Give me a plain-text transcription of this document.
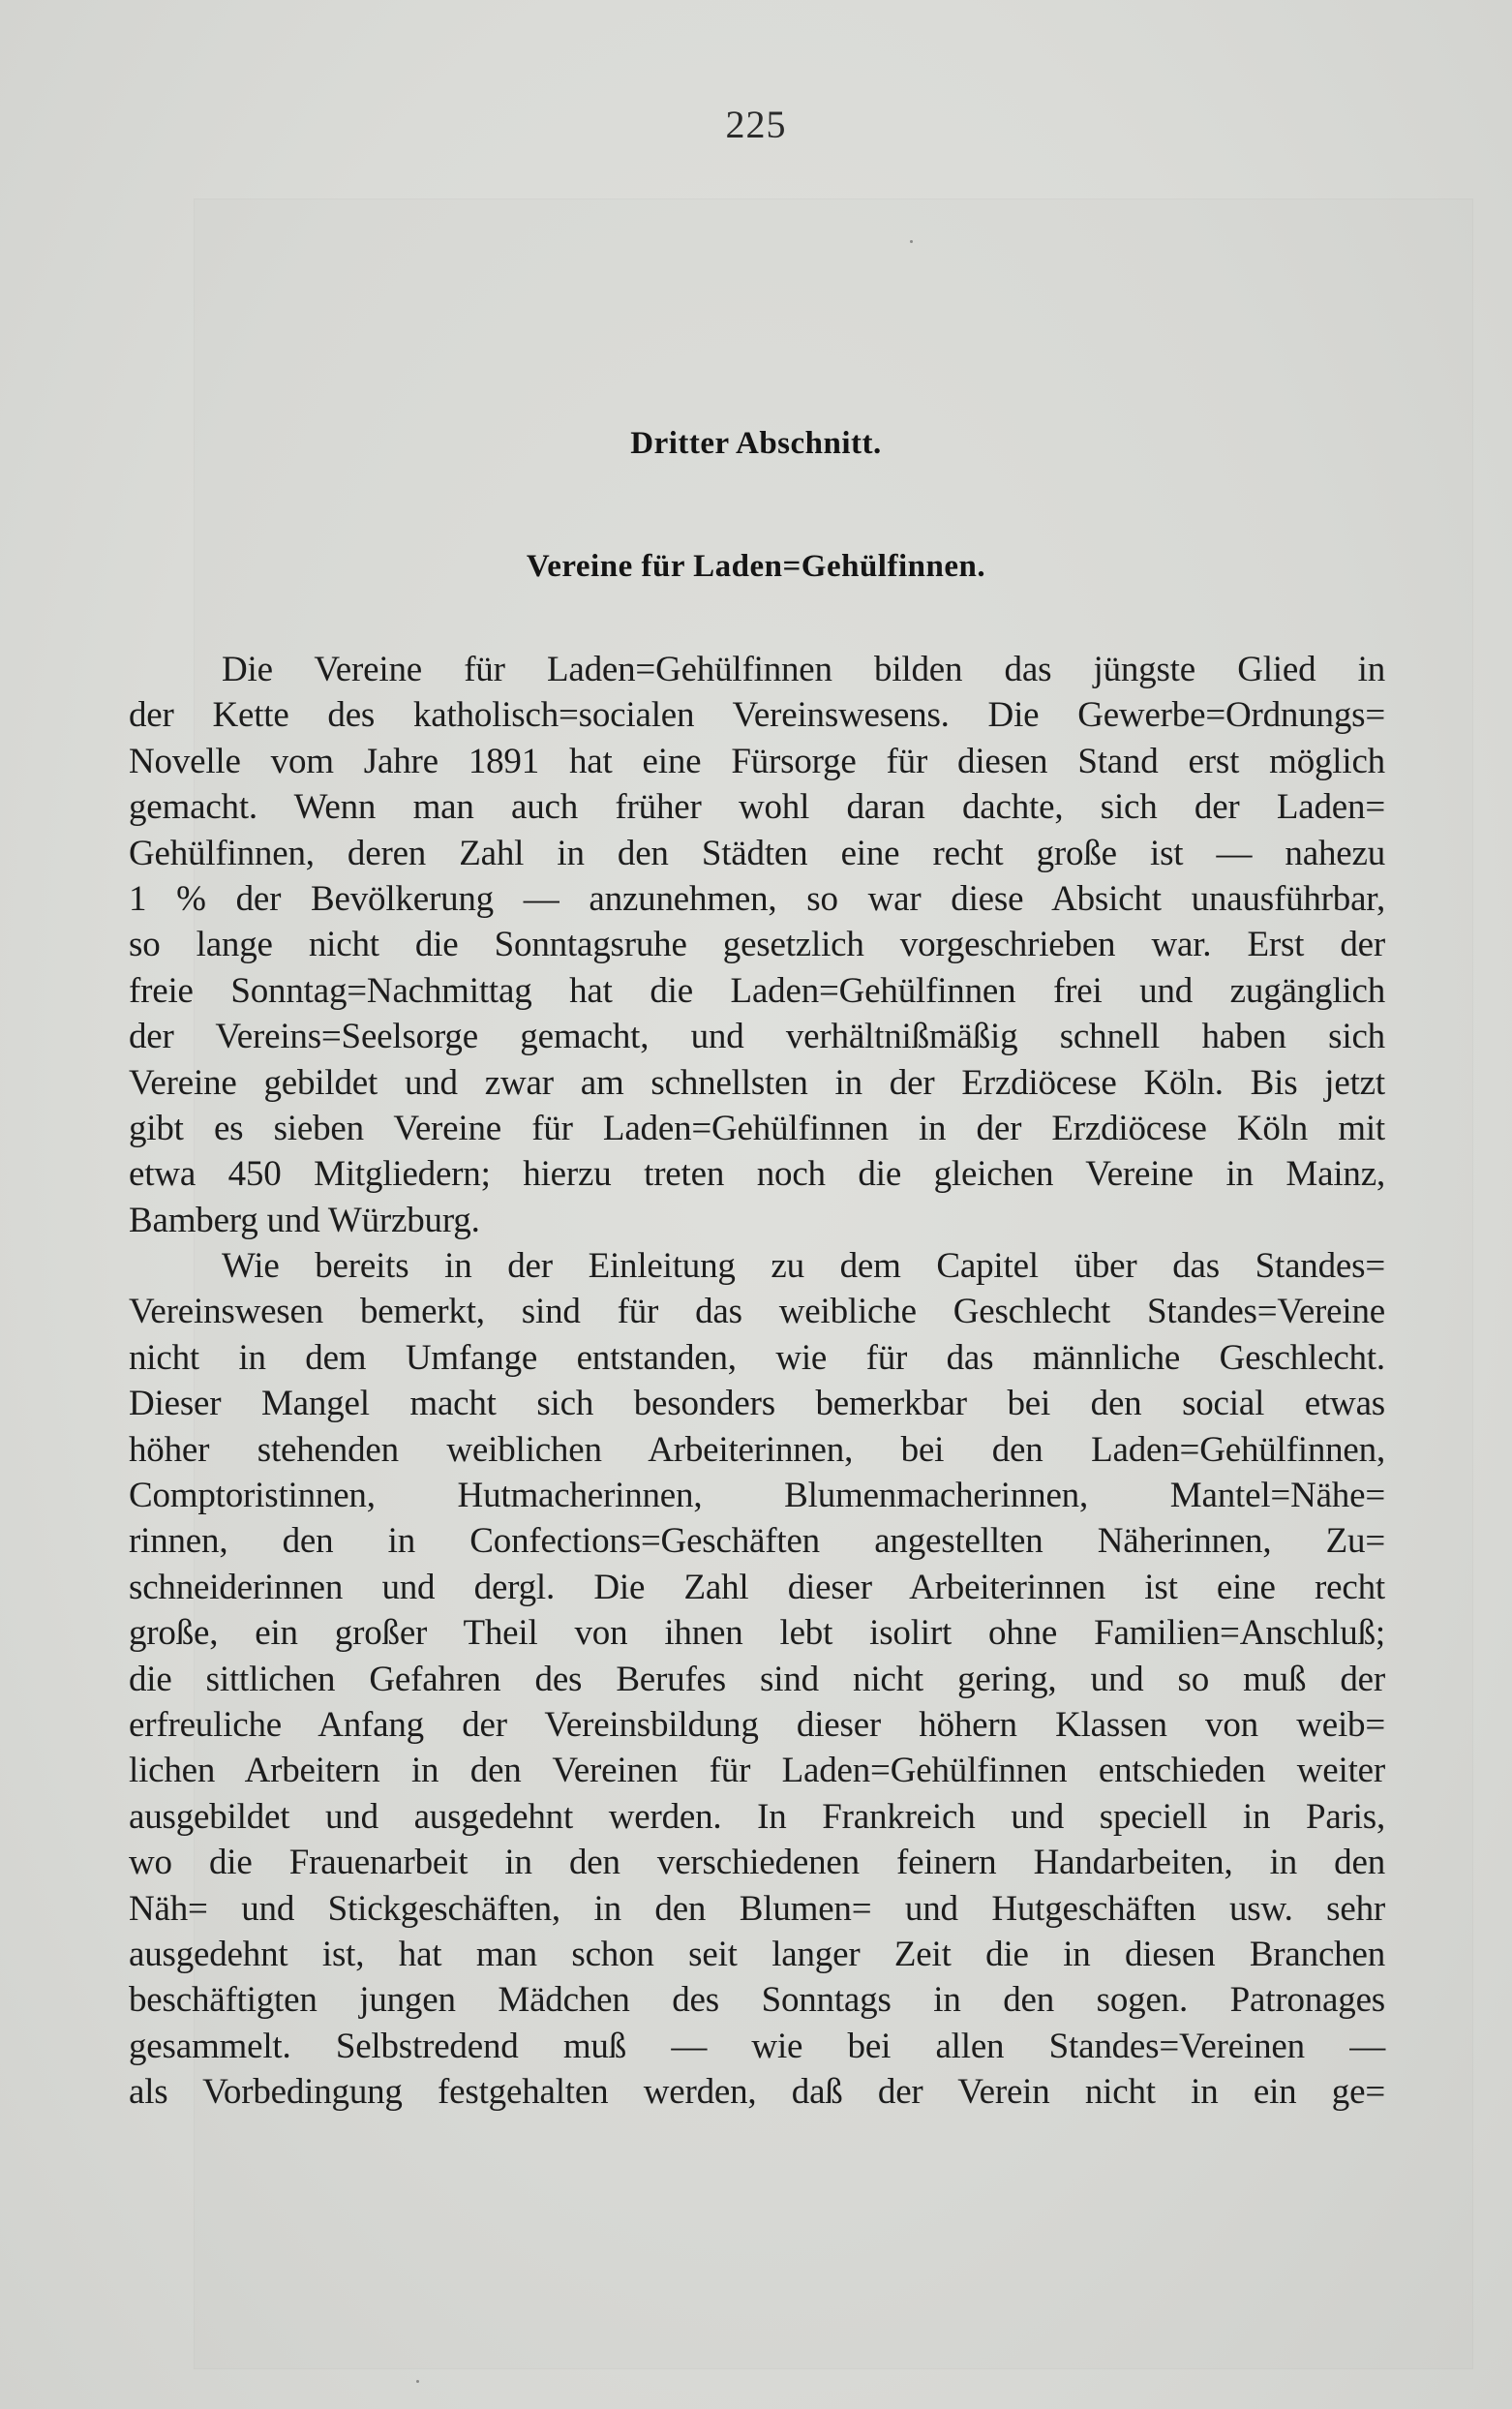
225
Dritter Abschnitt.
Vereine für Laden=Gehülfinnen.
Die Vereine für Laden=Gehülfinnen bilden das jüngste Glied in
der Kette des katholisch=socialen Vereinswesens. Die Gewerbe=Ordnungs=
Novelle vom Jahre 1891 hat eine Fürsorge für diesen Stand erst möglich
gemacht. Wenn man auch früher wohl daran dachte, sich der Laden=
Gehülfinnen, deren Zahl in den Städten eine recht große ist — nahezu
1 % der Bevölkerung — anzunehmen, so war diese Absicht unausführbar,
so lange nicht die Sonntagsruhe gesetzlich vorgeschrieben war. Erst der
freie Sonntag=Nachmittag hat die Laden=Gehülfinnen frei und zugänglich
der Vereins=Seelsorge gemacht, und verhältnißmäßig schnell haben sich
Vereine gebildet und zwar am schnellsten in der Erzdiöcese Köln. Bis jetzt
gibt es sieben Vereine für Laden=Gehülfinnen in der Erzdiöcese Köln mit
etwa 450 Mitgliedern; hierzu treten noch die gleichen Vereine in Mainz,
Bamberg und Würzburg.
Wie bereits in der Einleitung zu dem Capitel über das Standes=
Vereinswesen bemerkt, sind für das weibliche Geschlecht Standes=Vereine
nicht in dem Umfange entstanden, wie für das männliche Geschlecht.
Dieser Mangel macht sich besonders bemerkbar bei den social etwas
höher stehenden weiblichen Arbeiterinnen, bei den Laden=Gehülfinnen,
Comptoristinnen, Hutmacherinnen, Blumenmacherinnen, Mantel=Nähe=
rinnen, den in Confections=Geschäften angestellten Näherinnen, Zu=
schneiderinnen und dergl. Die Zahl dieser Arbeiterinnen ist eine recht
große, ein großer Theil von ihnen lebt isolirt ohne Familien=Anschluß;
die sittlichen Gefahren des Berufes sind nicht gering, und so muß der
erfreuliche Anfang der Vereinsbildung dieser höhern Klassen von weib=
lichen Arbeitern in den Vereinen für Laden=Gehülfinnen entschieden weiter
ausgebildet und ausgedehnt werden. In Frankreich und speciell in Paris,
wo die Frauenarbeit in den verschiedenen feinern Handarbeiten, in den
Näh= und Stickgeschäften, in den Blumen= und Hutgeschäften usw. sehr
ausgedehnt ist, hat man schon seit langer Zeit die in diesen Branchen
beschäftigten jungen Mädchen des Sonntags in den sogen. Patronages
gesammelt. Selbstredend muß — wie bei allen Standes=Vereinen —
als Vorbedingung festgehalten werden, daß der Verein nicht in ein ge=
